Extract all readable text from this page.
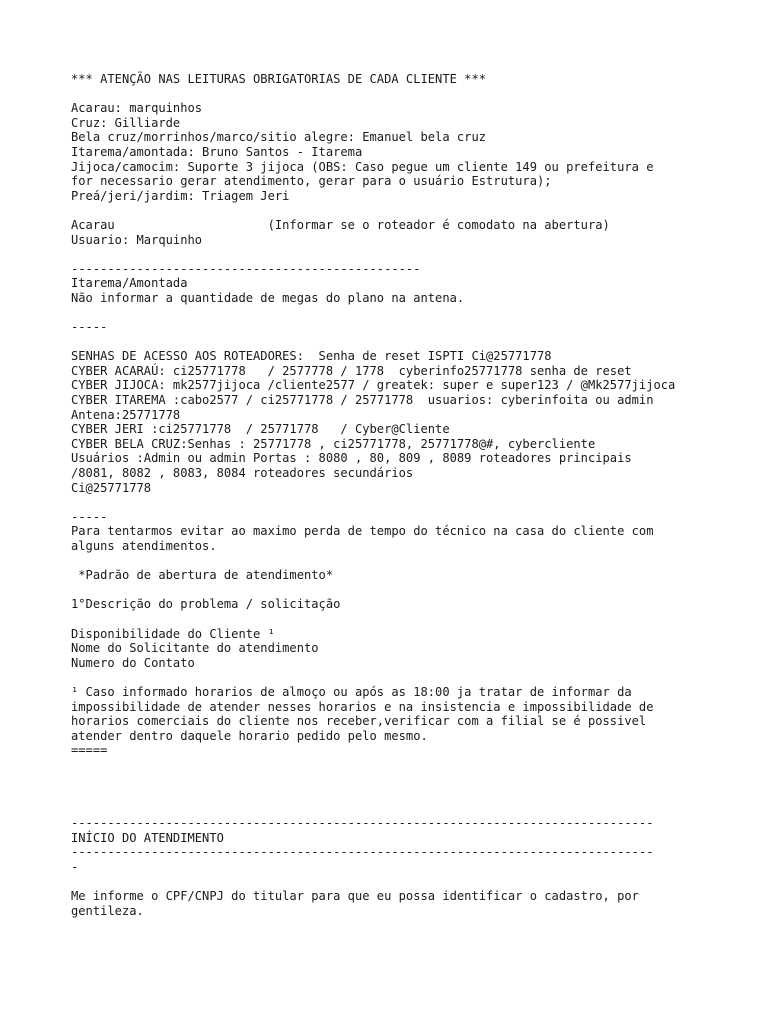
*** ATENÇÃO NAS LEITURAS OBRIGATORIAS DE CADA CLIENTE ***
Acarau: marquinhos
Cruz: Gilliarde
Bela cruz/morrinhos/marco/sitio alegre: Emanuel bela cruz
Itarema/amontada: Bruno Santos - Itarema
Jijoca/camocim: Suporte 3 jijoca (OBS: Caso pegue um cliente 149 ou prefeitura e
for necessario gerar atendimento, gerar para o usuário Estrutura);
Preá/jeri/jardim: Triagem Jeri
Acarau                     (Informar se o roteador é comodato na abertura)
Usuario: Marquinho
------------------------------------------------
Itarema/Amontada
Não informar a quantidade de megas do plano na antena.
-----
SENHAS DE ACESSO AOS ROTEADORES:  Senha de reset ISPTI Ci@25771778
CYBER ACARAÚ: ci25771778   / 2577778 / 1778  cyberinfo25771778 senha de reset
CYBER JIJOCA: mk2577jijoca /cliente2577 / greatek: super e super123 / @Mk2577jijoca
CYBER ITAREMA :cabo2577 / ci25771778 / 25771778  usuarios: cyberinfoita ou admin
Antena:25771778
CYBER JERI :ci25771778  / 25771778   / Cyber@Cliente
CYBER BELA CRUZ:Senhas : 25771778 , ci25771778, 25771778@#, cybercliente
Usuários :Admin ou admin Portas : 8080 , 80, 809 , 8089 roteadores principais
/8081, 8082 , 8083, 8084 roteadores secundários
Ci@25771778
-----
Para tentarmos evitar ao maximo perda de tempo do técnico na casa do cliente com
alguns atendimentos.
*Padrão de abertura de atendimento*
1°Descrição do problema / solicitação
Disponibilidade do Cliente ¹
Nome do Solicitante do atendimento
Numero do Contato
¹ Caso informado horarios de almoço ou após as 18:00 ja tratar de informar da
impossibilidade de atender nesses horarios e na insistencia e impossibilidade de
horarios comerciais do cliente nos receber,verificar com a filial se é possivel
atender dentro daquele horario pedido pelo mesmo.
=====
--------------------------------------------------------------------------------
INÍCIO DO ATENDIMENTO
--------------------------------------------------------------------------------
-
Me informe o CPF/CNPJ do titular para que eu possa identificar o cadastro, por
gentileza.
